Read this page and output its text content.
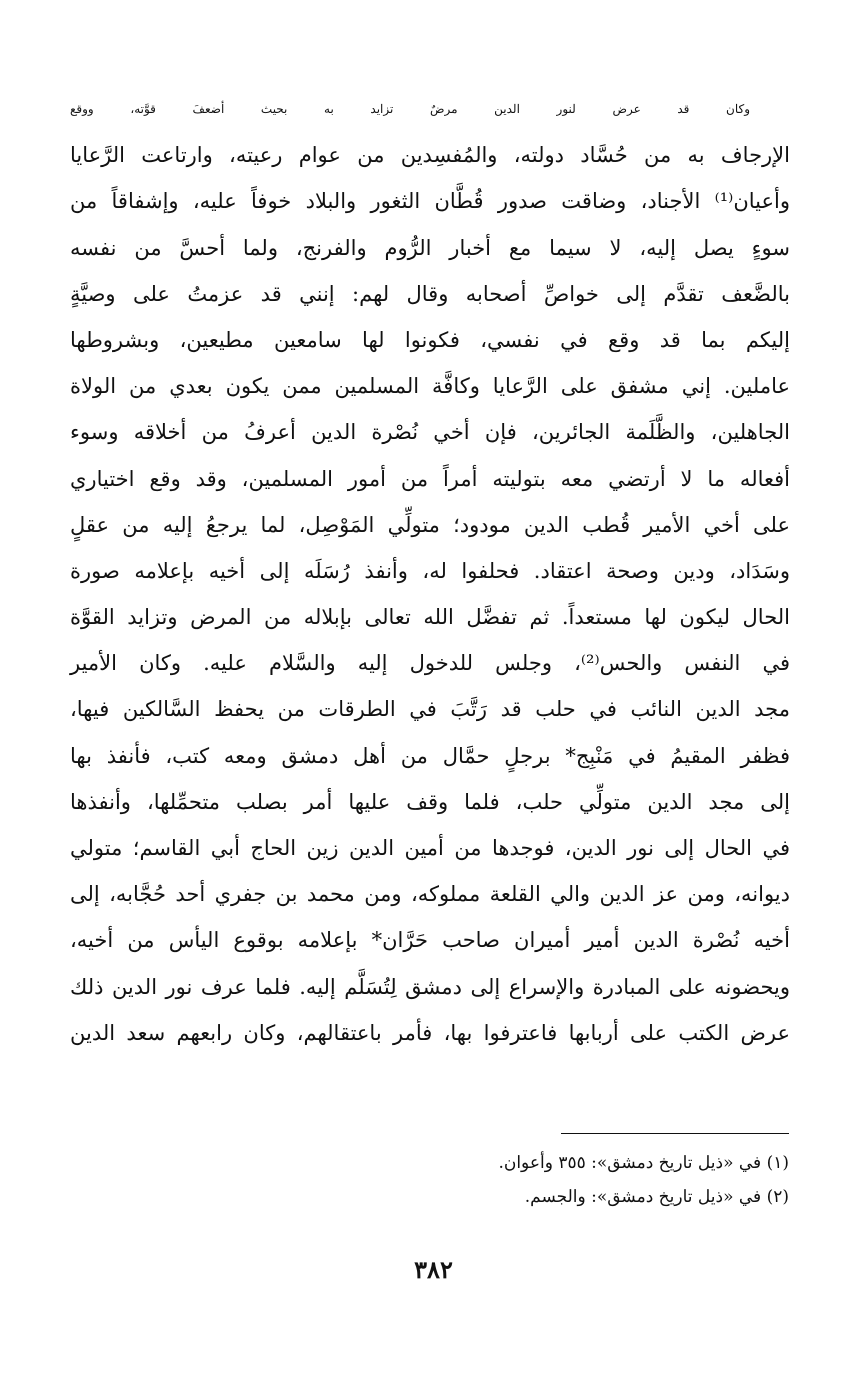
وكان قد عرض لنور الدين مرضٌ تزايد به بحيث أضعفَ قوَّته، ووقع
الإرجاف به من حُسَّاد دولته، والمُفسِدين من عوام رعيته، وارتاعت الرَّعايا
وأعيان⁽¹⁾ الأجناد، وضاقت صدور قُطَّان الثغور والبلاد خوفاً عليه، وإشفاقاً من
سوءٍ يصل إليه، لا سيما مع أخبار الرُّوم والفرنج، ولما أحسَّ من نفسه
بالضَّعف تقدَّم إلى خواصِّ أصحابه وقال لهم: إنني قد عزمتُ على وصيَّةٍ
إليكم بما قد وقع في نفسي، فكونوا لها سامعين مطيعين، وبشروطها
عاملين. إني مشفق على الرَّعايا وكافَّة المسلمين ممن يكون بعدي من الولاة
الجاهلين، والظَّلَمة الجائرين، فإن أخي نُصْرة الدين أعرفُ من أخلاقه وسوء
أفعاله ما لا أرتضي معه بتوليته أمراً من أمور المسلمين، وقد وقع اختياري
على أخي الأمير قُطب الدين مودود؛ متولِّي المَوْصِل، لما يرجعُ إليه من عقلٍ
وسَدَاد، ودين وصحة اعتقاد. فحلفوا له، وأنفذ رُسَلَه إلى أخيه بإعلامه صورة
الحال ليكون لها مستعداً. ثم تفضَّل الله تعالى بإبلاله من المرض وتزايد القوَّة
في النفس والحس⁽²⁾، وجلس للدخول إليه والسَّلام عليه. وكان الأمير
مجد الدين النائب في حلب قد رَتَّبَ في الطرقات من يحفظ السَّالكين فيها،
فظفر المقيمُ في مَنْبِج* برجلٍ حمَّال من أهل دمشق ومعه كتب، فأنفذ بها
إلى مجد الدين متولِّي حلب، فلما وقف عليها أمر بصلب متحمِّلها، وأنفذها
في الحال إلى نور الدين، فوجدها من أمين الدين زين الحاج أبي القاسم؛ متولي
ديوانه، ومن عز الدين والي القلعة مملوكه، ومن محمد بن جفري أحد حُجَّابه، إلى
أخيه نُصْرة الدين أمير أميران صاحب حَرَّان* بإعلامه بوقوع اليأس من أخيه،
ويحضونه على المبادرة والإسراع إلى دمشق لِتُسَلَّم إليه. فلما عرف نور الدين ذلك
عرض الكتب على أربابها فاعترفوا بها، فأمر باعتقالهم، وكان رابعهم سعد الدين
(١) في «ذيل تاريخ دمشق»: ٣٥٥ وأعوان.
(٢) في «ذيل تاريخ دمشق»: والجسم.
٣٨٢
